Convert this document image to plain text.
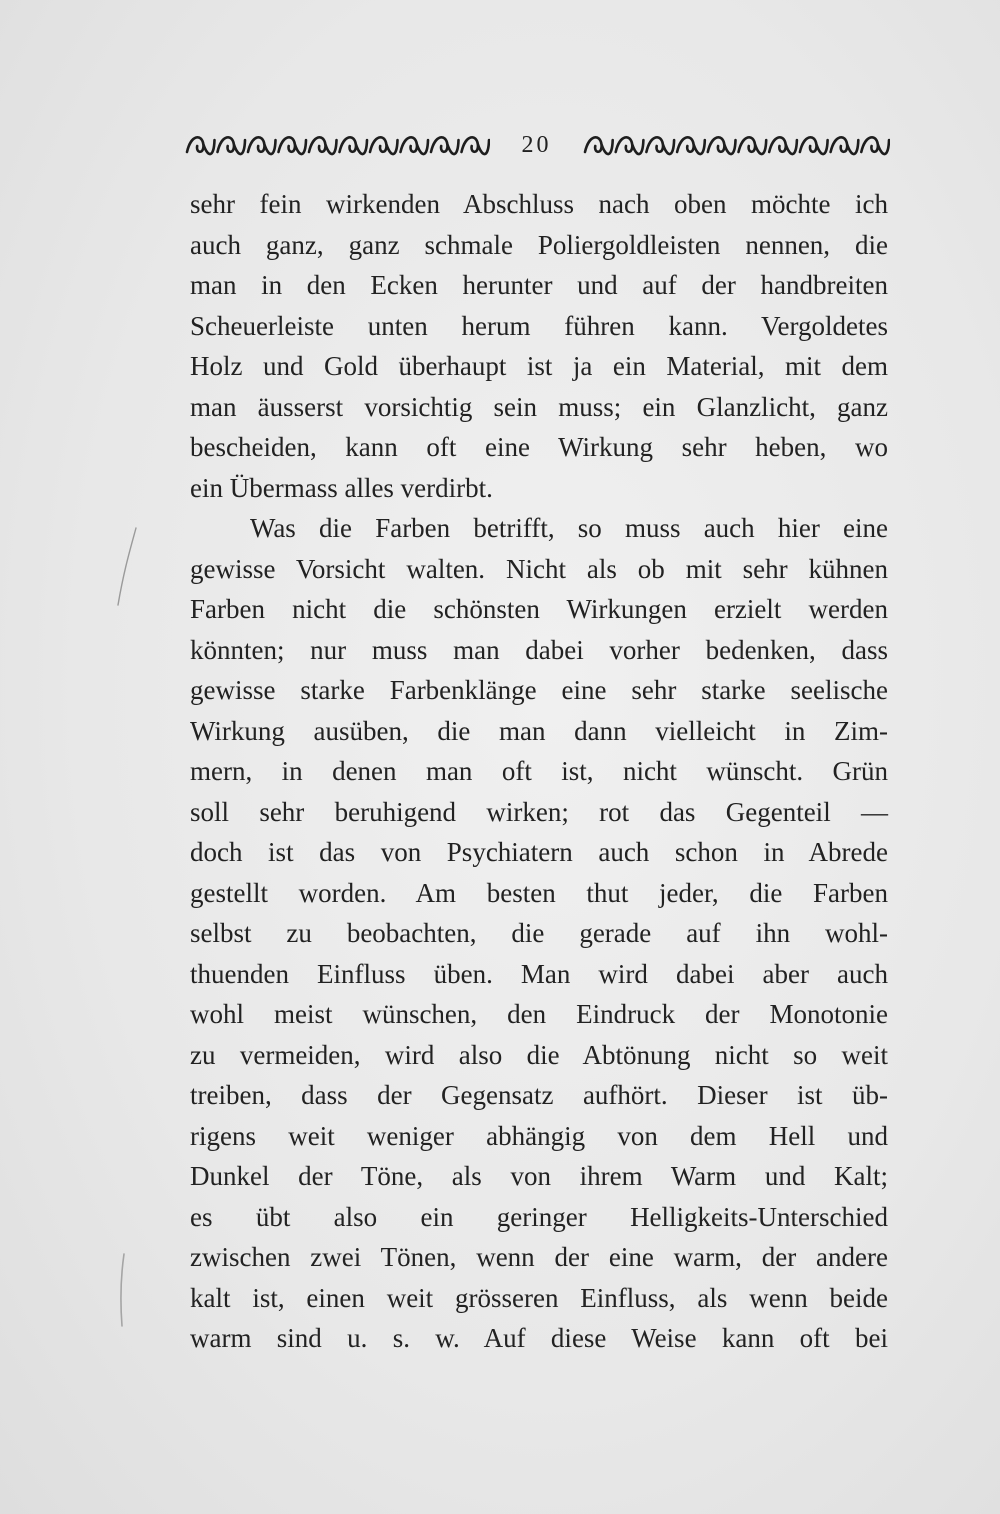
20
sehr fein wirkenden Abschluss nach oben möchte ich
auch ganz, ganz schmale Poliergoldleisten nennen, die
man in den Ecken herunter und auf der handbreiten
Scheuerleiste unten herum führen kann. Vergoldetes
Holz und Gold überhaupt ist ja ein Material, mit dem
man äusserst vorsichtig sein muss; ein Glanzlicht, ganz
bescheiden, kann oft eine Wirkung sehr heben, wo
ein Übermass alles verdirbt.
Was die Farben betrifft, so muss auch hier eine
gewisse Vorsicht walten. Nicht als ob mit sehr kühnen
Farben nicht die schönsten Wirkungen erzielt werden
könnten; nur muss man dabei vorher bedenken, dass
gewisse starke Farbenklänge eine sehr starke seelische
Wirkung ausüben, die man dann vielleicht in Zim-
mern, in denen man oft ist, nicht wünscht. Grün
soll sehr beruhigend wirken; rot das Gegenteil —
doch ist das von Psychiatern auch schon in Abrede
gestellt worden. Am besten thut jeder, die Farben
selbst zu beobachten, die gerade auf ihn wohl-
thuenden Einfluss üben. Man wird dabei aber auch
wohl meist wünschen, den Eindruck der Monotonie
zu vermeiden, wird also die Abtönung nicht so weit
treiben, dass der Gegensatz aufhört. Dieser ist üb-
rigens weit weniger abhängig von dem Hell und
Dunkel der Töne, als von ihrem Warm und Kalt;
es übt also ein geringer Helligkeits-Unterschied
zwischen zwei Tönen, wenn der eine warm, der andere
kalt ist, einen weit grösseren Einfluss, als wenn beide
warm sind u. s. w. Auf diese Weise kann oft bei
